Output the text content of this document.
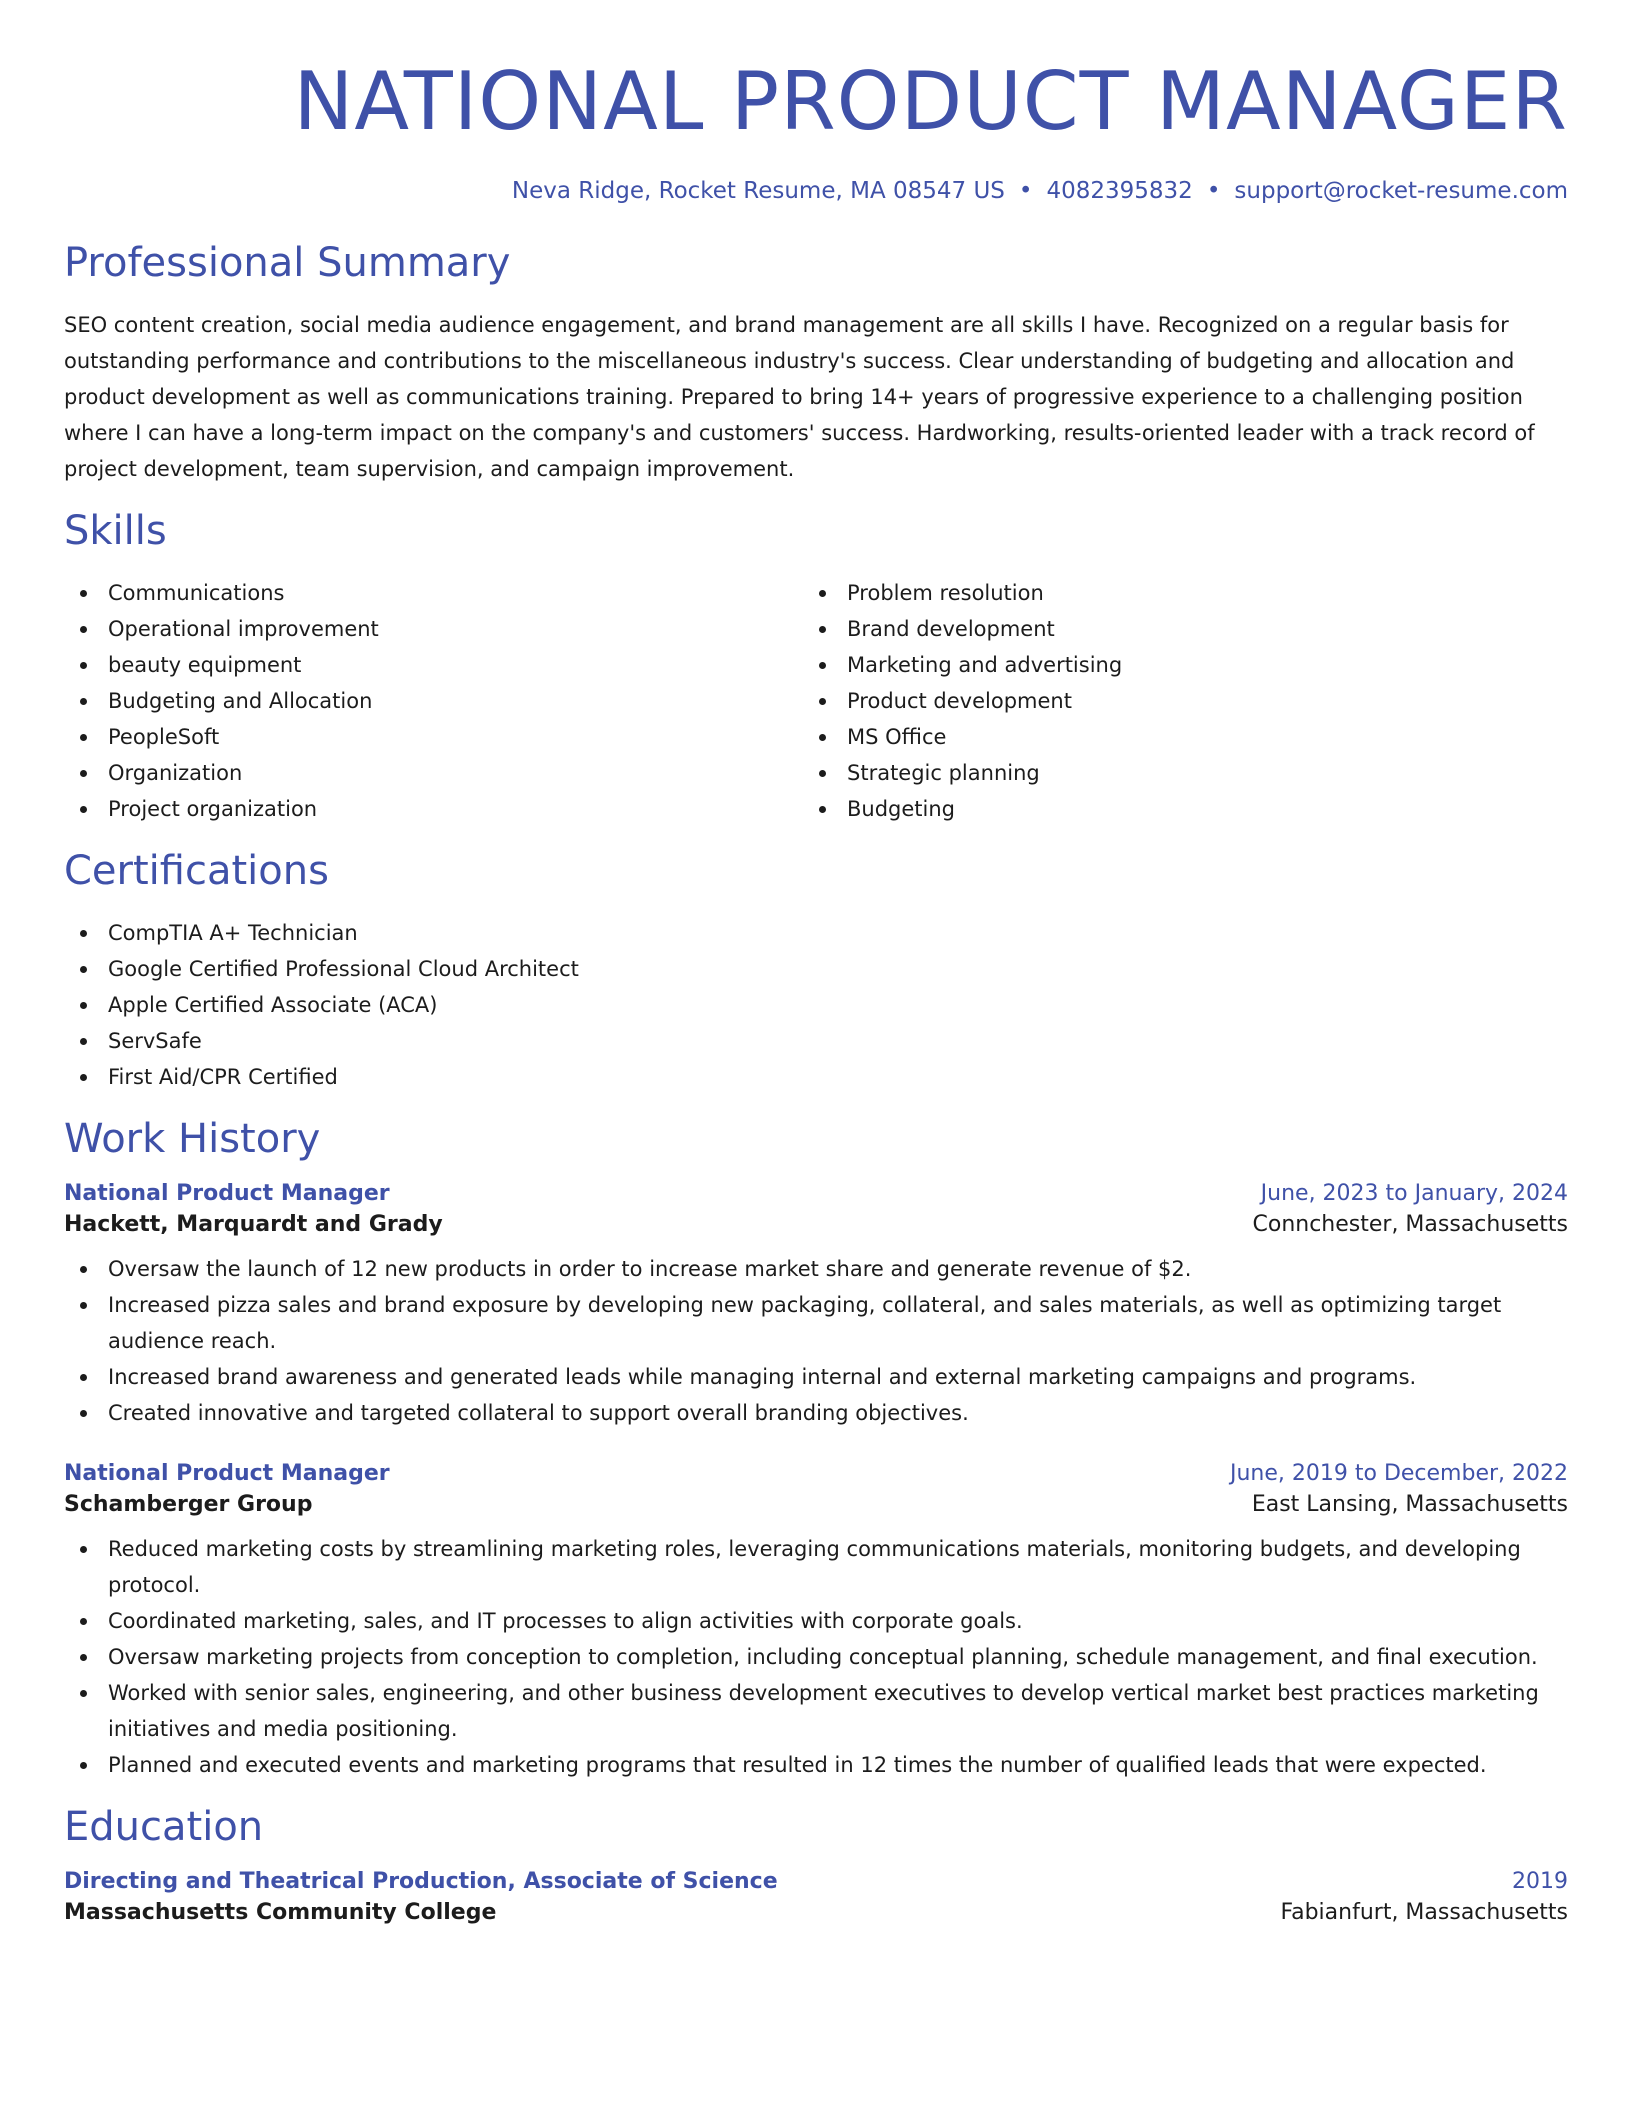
NATIONAL PRODUCT MANAGER
Neva Ridge, Rocket Resume, MA 08547 US • 4082395832 • support@rocket-resume.com
Professional Summary

SEO content creation, social media audience engagement, and brand management are all skills I have. Recognized on a regular basis for outstanding performance and contributions to the miscellaneous industry's success. Clear understanding of budgeting and allocation and product development as well as communications training. Prepared to bring 14+ years of progressive experience to a challenging position where I can have a long-term impact on the company's and customers' success. Hardworking, results-oriented leader with a track record of project development, team supervision, and campaign improvement.

Skills
Communications
Operational improvement
beauty equipment
Budgeting and Allocation
PeopleSoft
Organization
Project organization
Problem resolution
Brand development
Marketing and advertising
Product development
MS Office
Strategic planning
Budgeting
Certifications
CompTIA A+ Technician
Google Certified Professional Cloud Architect
Apple Certified Associate (ACA)
ServSafe
First Aid/CPR Certified
Work History
National Product Manager	June, 2023 to January, 2024
Hackett, Marquardt and Grady	Connchester, Massachusetts
Oversaw the launch of 12 new products in order to increase market share and generate revenue of $2.
Increased pizza sales and brand exposure by developing new packaging, collateral, and sales materials, as well as optimizing target audience reach.
Increased brand awareness and generated leads while managing internal and external marketing campaigns and programs.
Created innovative and targeted collateral to support overall branding objectives.
National Product Manager	June, 2019 to December, 2022
Schamberger Group	East Lansing, Massachusetts
Reduced marketing costs by streamlining marketing roles, leveraging communications materials, monitoring budgets, and developing protocol.
Coordinated marketing, sales, and IT processes to align activities with corporate goals.
Oversaw marketing projects from conception to completion, including conceptual planning, schedule management, and final execution.
Worked with senior sales, engineering, and other business development executives to develop vertical market best practices marketing initiatives and media positioning.
Planned and executed events and marketing programs that resulted in 12 times the number of qualified leads that were expected.
Education
Directing and Theatrical Production, Associate of Science	2019
Massachusetts Community College	Fabianfurt, Massachusetts
